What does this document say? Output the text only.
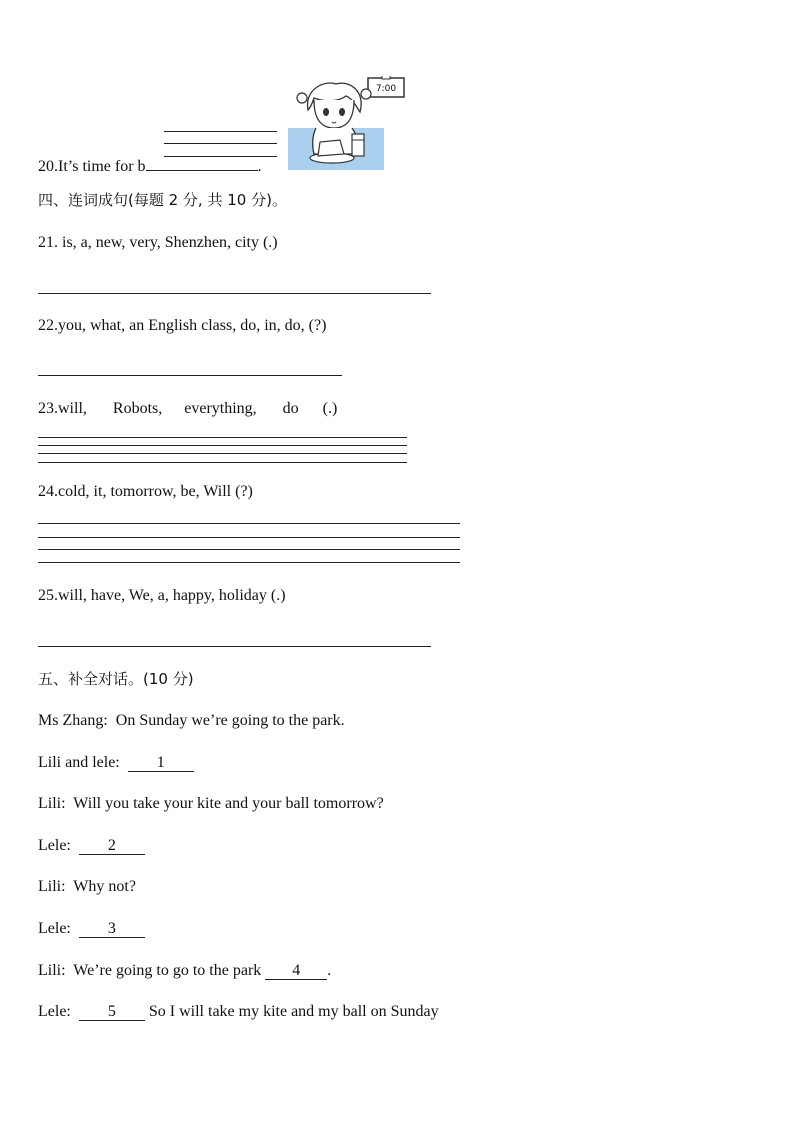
20.It’s time for b	.
7:00
四、连词成句(每题 2 分, 共 10 分)。
21. is, a, new, very, Shenzhen, city (.)
22.you, what, an English class, do, in, do, (?)
23.will, Robots, everything, do (.)
24.cold, it, tomorrow, be, Will (?)
25.will, have, We, a, happy, holiday (.)
五、补全对话。(10 分)
Ms Zhang: On Sunday we’re going to the park.
Lili and lele: 1
Lili: Will you take your kite and your ball tomorrow?
Lele: 2
Lili: Why not?
Lele: 3
Lili: We’re going to go to the park 4 .
Lele: 5 So I will take my kite and my ball on Sunday
